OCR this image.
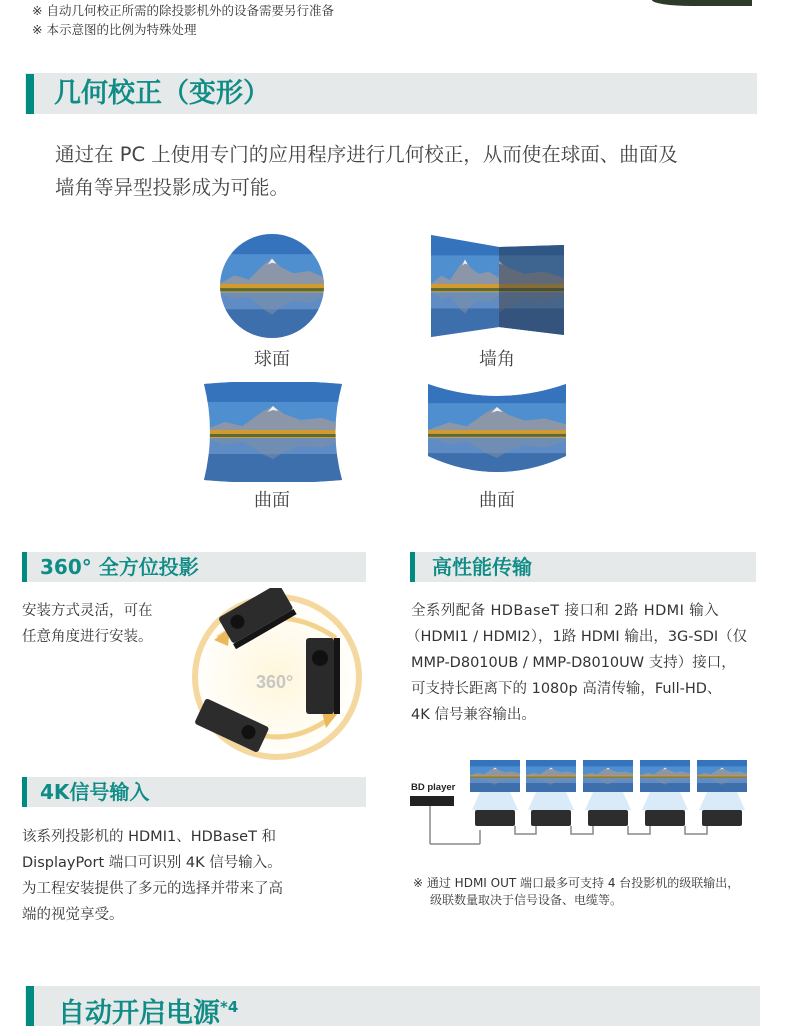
※ 自动几何校正所需的除投影机外的设备需要另行准备
※ 本示意图的比例为特殊处理
几何校正（变形）
通过在 PC 上使用专门的应用程序进行几何校正，从而使在球面、曲面及
墙角等异型投影成为可能。
球面	墙角
曲面	曲面
360° 全方位投影
安装方式灵活，可在
任意角度进行安装。
360°
4K信号输入
该系列投影机的 HDMI1、HDBaseT 和
DisplayPort 端口可识别 4K 信号输入。
为工程安装提供了多元的选择并带来了高
端的视觉享受。
高性能传输
全系列配备 HDBaseT 接口和 2路 HDMI 输入
（HDMI1 / HDMI2），1路 HDMI 输出，3G-SDI（仅
MMP-D8010UB / MMP-D8010UW 支持）接口，
可支持长距离下的 1080p 高清传输，Full-HD、
4K 信号兼容输出。
BD player
※ 通过 HDMI OUT 端口最多可支持 4 台投影机的级联输出，
级联数量取决于信号设备、电缆等。
自动开启电源$^{*4}$
